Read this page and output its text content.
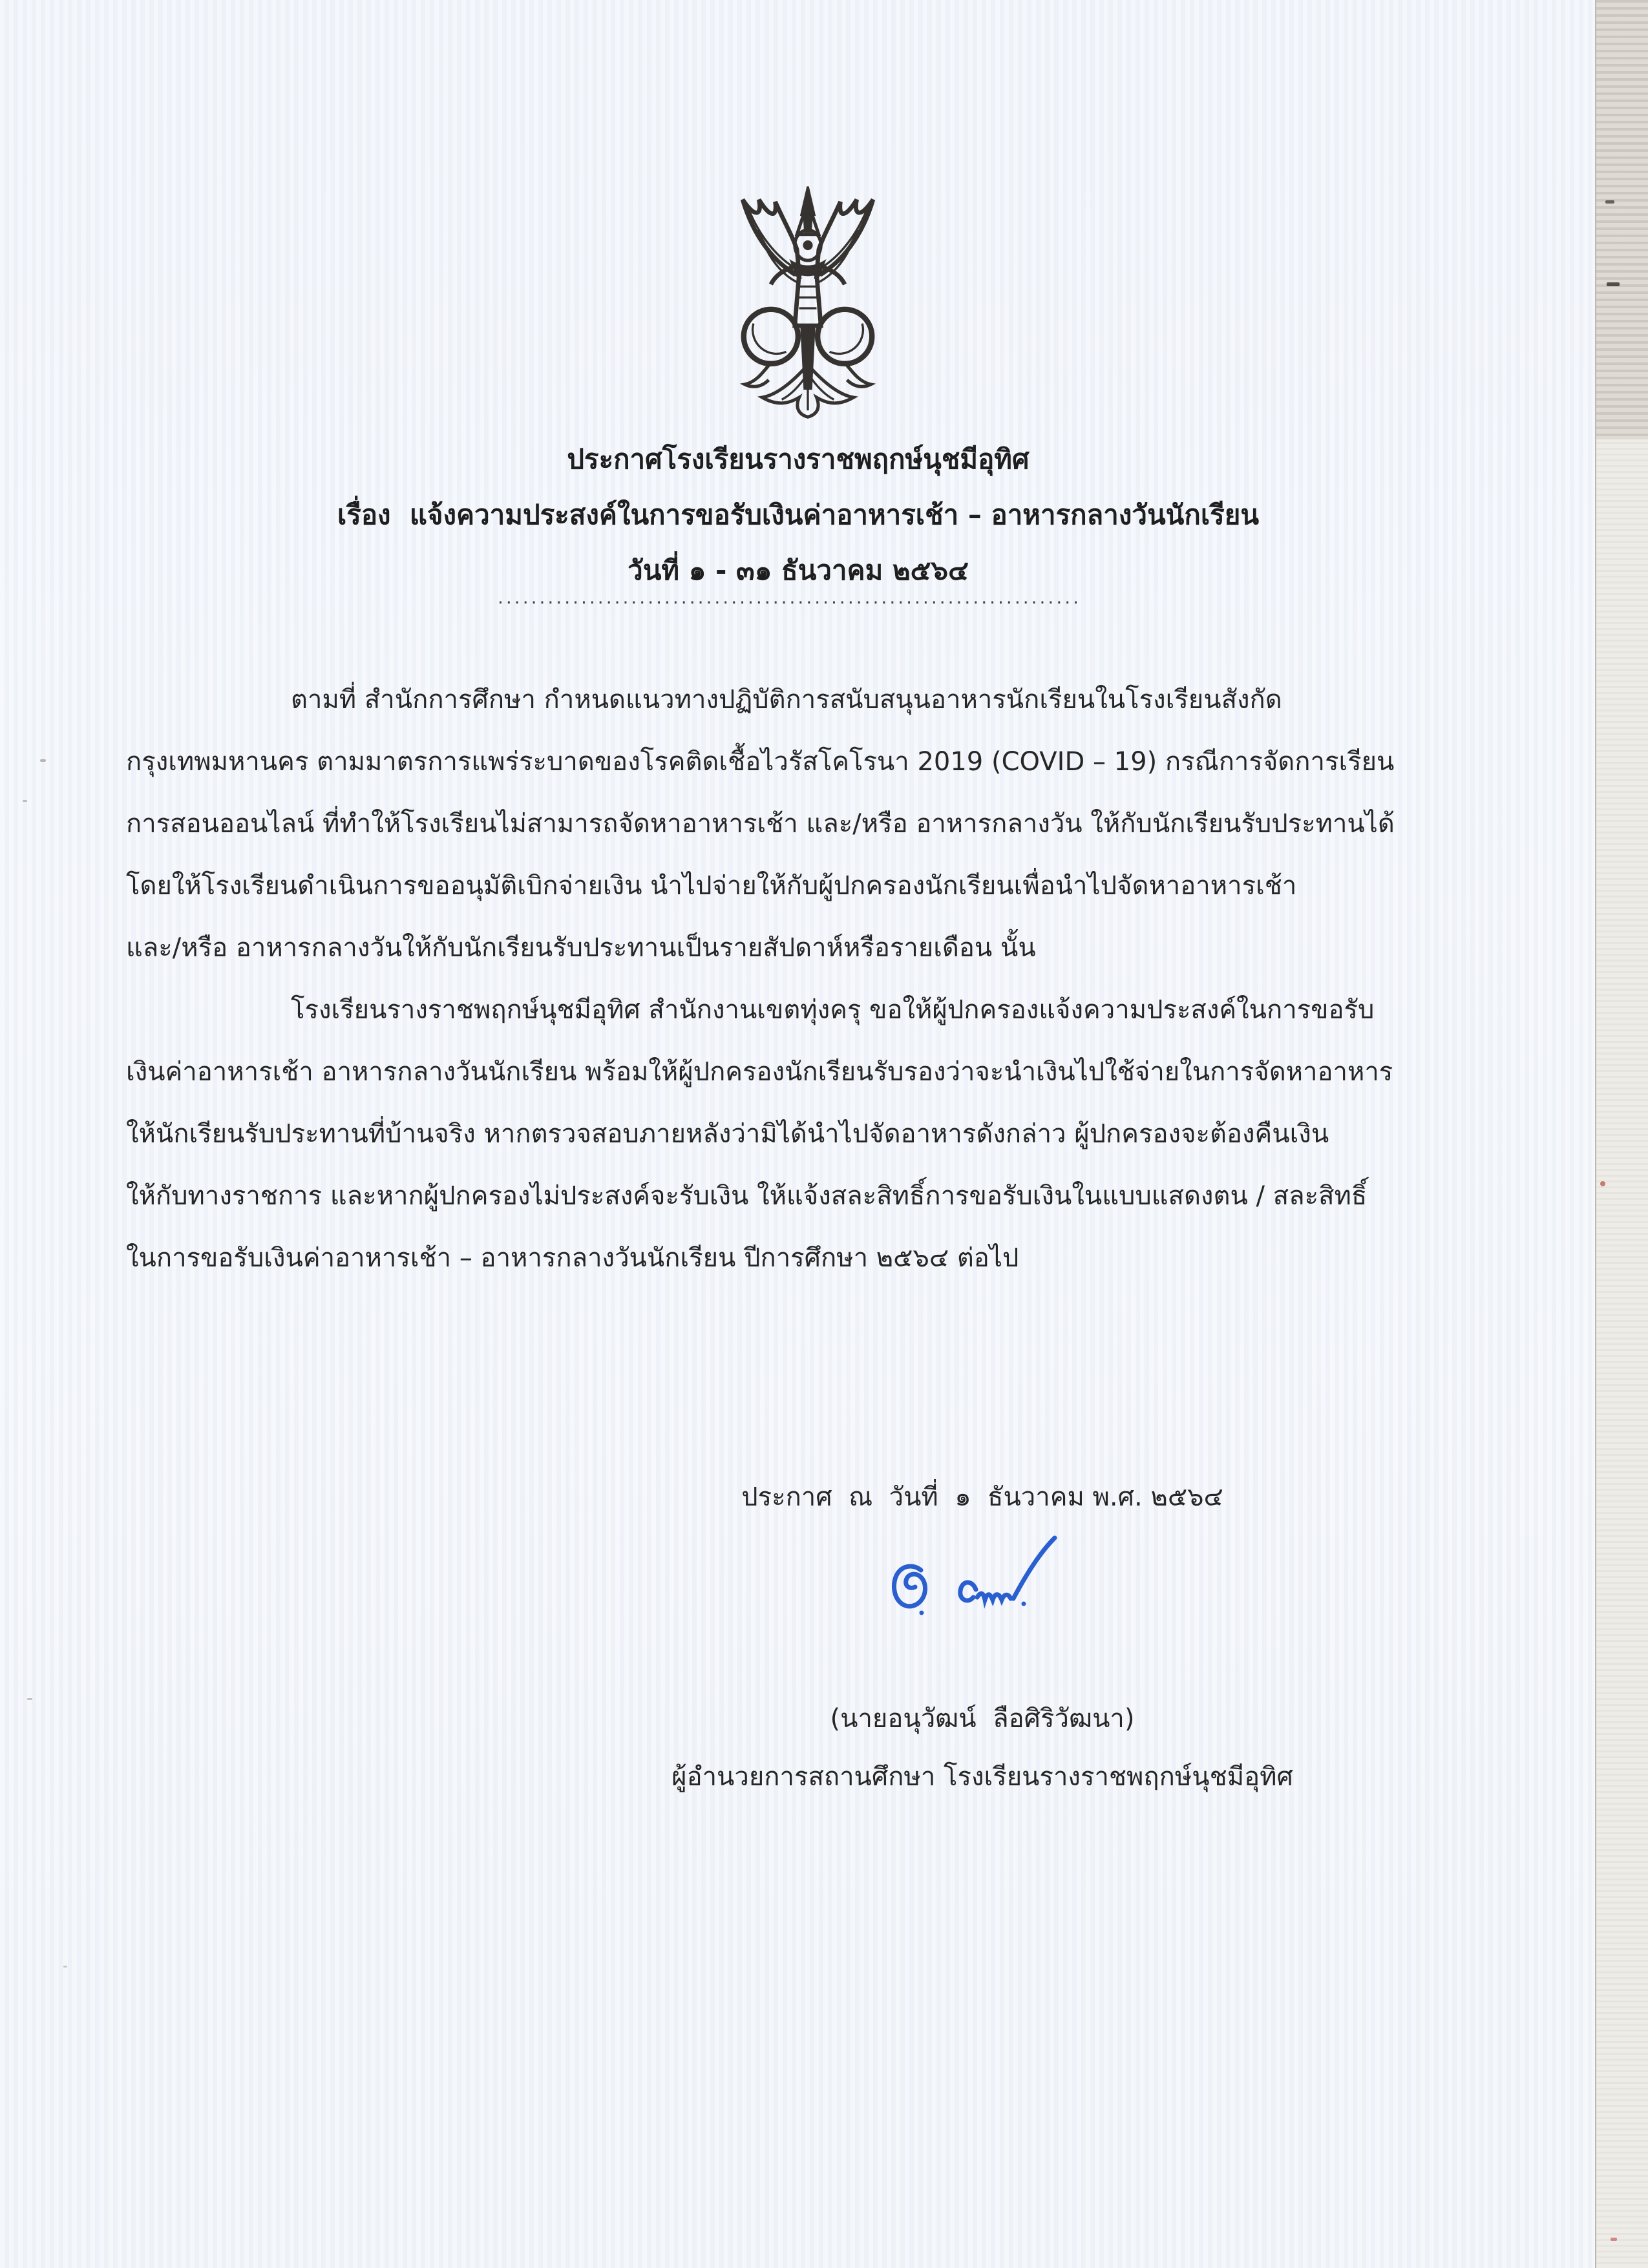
ประกาศโรงเรียนรางราชพฤกษ์นุชมีอุทิศ
เรื่อง  แจ้งความประสงค์ในการขอรับเงินค่าอาหารเช้า – อาหารกลางวันนักเรียน
วันที่ ๑ - ๓๑ ธันวาคม ๒๕๖๔
......................................................................
ตามที่ สำนักการศึกษา กำหนดแนวทางปฏิบัติการสนับสนุนอาหารนักเรียนในโรงเรียนสังกัด
กรุงเทพมหานคร ตามมาตรการแพร่ระบาดของโรคติดเชื้อไวรัสโคโรนา 2019 (COVID – 19) กรณีการจัดการเรียน
การสอนออนไลน์ ที่ทำให้โรงเรียนไม่สามารถจัดหาอาหารเช้า และ/หรือ อาหารกลางวัน ให้กับนักเรียนรับประทานได้
โดยให้โรงเรียนดำเนินการขออนุมัติเบิกจ่ายเงิน นำไปจ่ายให้กับผู้ปกครองนักเรียนเพื่อนำไปจัดหาอาหารเช้า
และ/หรือ อาหารกลางวันให้กับนักเรียนรับประทานเป็นรายสัปดาห์หรือรายเดือน นั้น
โรงเรียนรางราชพฤกษ์นุชมีอุทิศ สำนักงานเขตทุ่งครุ ขอให้ผู้ปกครองแจ้งความประสงค์ในการขอรับ
เงินค่าอาหารเช้า อาหารกลางวันนักเรียน พร้อมให้ผู้ปกครองนักเรียนรับรองว่าจะนำเงินไปใช้จ่ายในการจัดหาอาหาร
ให้นักเรียนรับประทานที่บ้านจริง หากตรวจสอบภายหลังว่ามิได้นำไปจัดอาหารดังกล่าว ผู้ปกครองจะต้องคืนเงิน
ให้กับทางราชการ และหากผู้ปกครองไม่ประสงค์จะรับเงิน ให้แจ้งสละสิทธิ์การขอรับเงินในแบบแสดงตน / สละสิทธิ์
ในการขอรับเงินค่าอาหารเช้า – อาหารกลางวันนักเรียน ปีการศึกษา ๒๕๖๔ ต่อไป
ประกาศ  ณ  วันที่  ๑  ธันวาคม พ.ศ. ๒๕๖๔
(นายอนุวัฒน์  ลือศิริวัฒนา)
ผู้อำนวยการสถานศึกษา โรงเรียนรางราชพฤกษ์นุชมีอุทิศ
